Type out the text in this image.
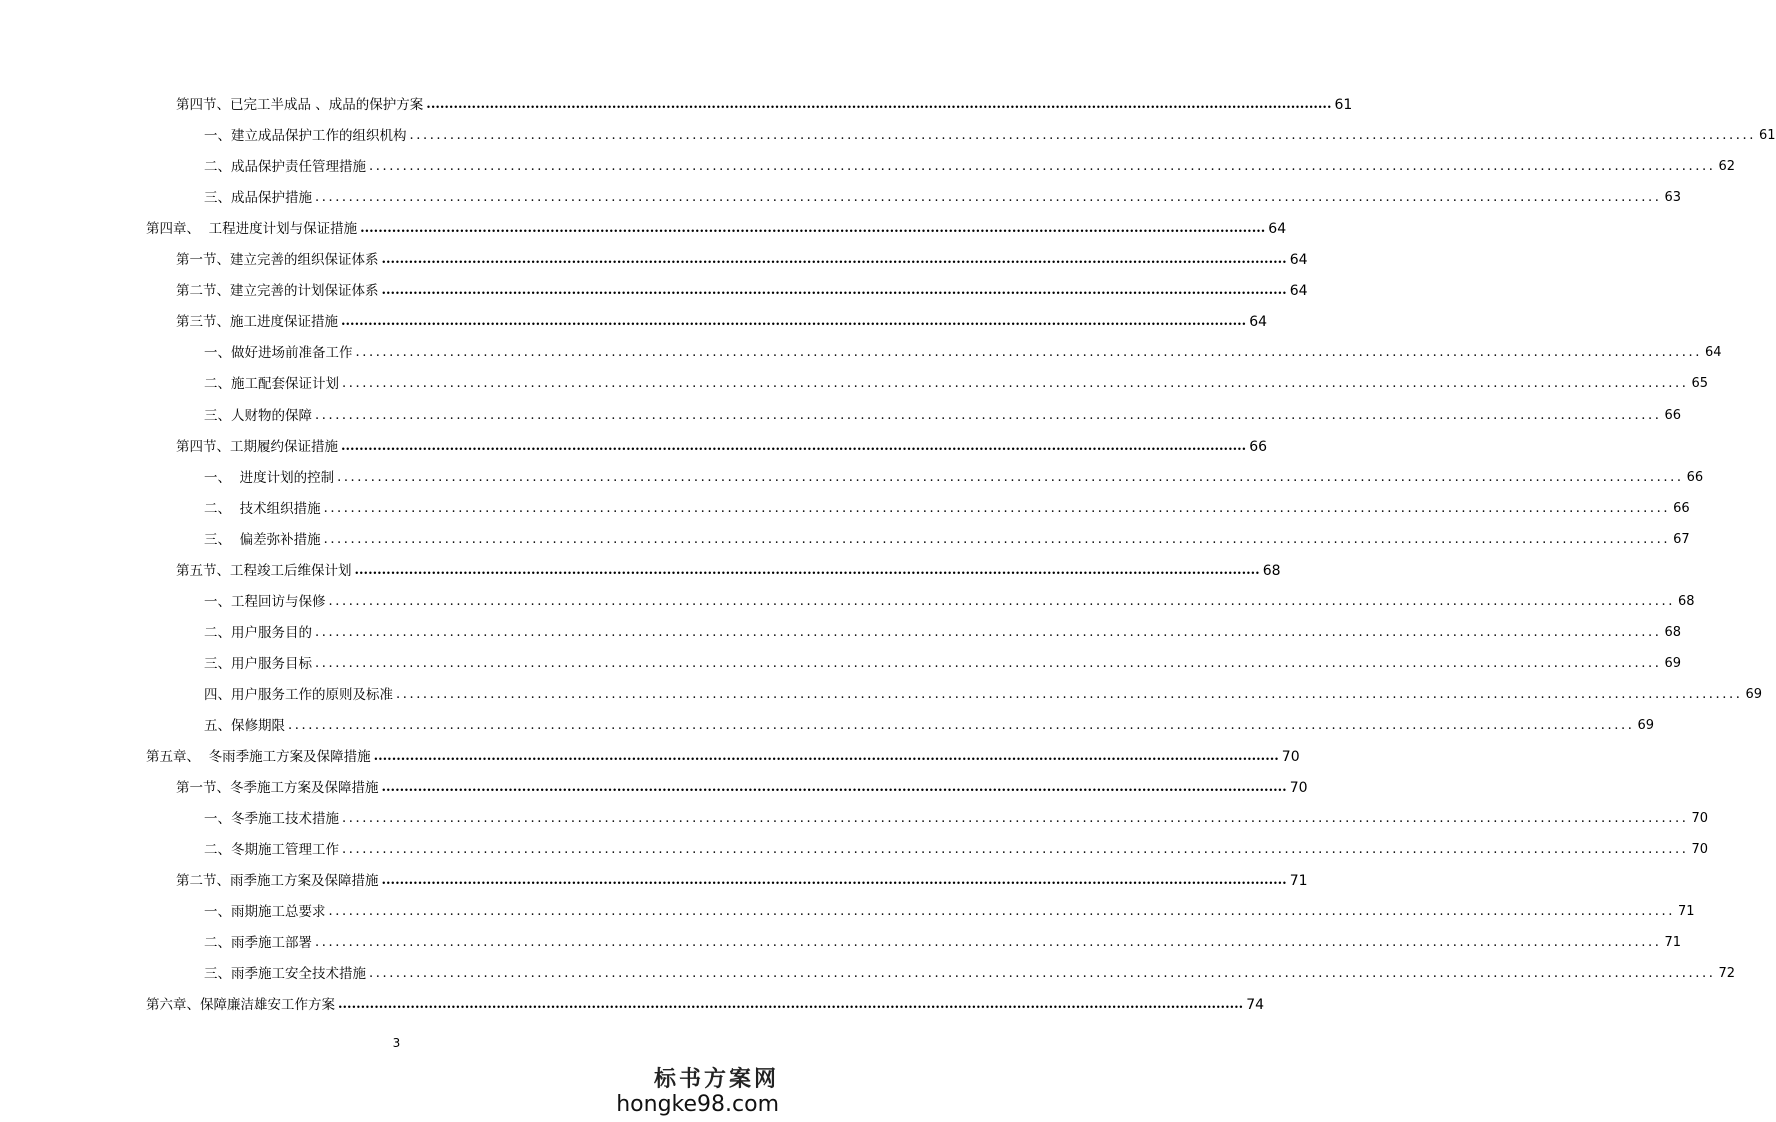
第四节、已完工半成品 、成品的保护方案 ........................................................................................................................................................................................................ 61
一、建立成品保护工作的组织机构 ........................................................................................................................................................................................................ 61
二、成品保护责任管理措施 ........................................................................................................................................................................................................ 62
三、成品保护措施 ........................................................................................................................................................................................................ 63
第四章、  工程进度计划与保证措施 ........................................................................................................................................................................................................ 64
第一节、建立完善的组织保证体系 ........................................................................................................................................................................................................ 64
第二节、建立完善的计划保证体系 ........................................................................................................................................................................................................ 64
第三节、施工进度保证措施 ........................................................................................................................................................................................................ 64
一、做好进场前准备工作 ........................................................................................................................................................................................................ 64
二、施工配套保证计划 ........................................................................................................................................................................................................ 65
三、人财物的保障 ........................................................................................................................................................................................................ 66
第四节、工期履约保证措施 ........................................................................................................................................................................................................ 66
一、  进度计划的控制 ........................................................................................................................................................................................................ 66
二、  技术组织措施 ........................................................................................................................................................................................................ 66
三、  偏差弥补措施 ........................................................................................................................................................................................................ 67
第五节、工程竣工后维保计划 ........................................................................................................................................................................................................ 68
一、工程回访与保修 ........................................................................................................................................................................................................ 68
二、用户服务目的 ........................................................................................................................................................................................................ 68
三、用户服务目标 ........................................................................................................................................................................................................ 69
四、用户服务工作的原则及标准 ........................................................................................................................................................................................................ 69
五、保修期限 ........................................................................................................................................................................................................ 69
第五章、  冬雨季施工方案及保障措施 ........................................................................................................................................................................................................ 70
第一节、冬季施工方案及保障措施 ........................................................................................................................................................................................................ 70
一、冬季施工技术措施 ........................................................................................................................................................................................................ 70
二、冬期施工管理工作 ........................................................................................................................................................................................................ 70
第二节、雨季施工方案及保障措施 ........................................................................................................................................................................................................ 71
一、雨期施工总要求 ........................................................................................................................................................................................................ 71
二、雨季施工部署 ........................................................................................................................................................................................................ 71
三、雨季施工安全技术措施 ........................................................................................................................................................................................................ 72
第六章、保障廉洁雄安工作方案 ........................................................................................................................................................................................................ 74
3
标书方案网
hongke98.com
